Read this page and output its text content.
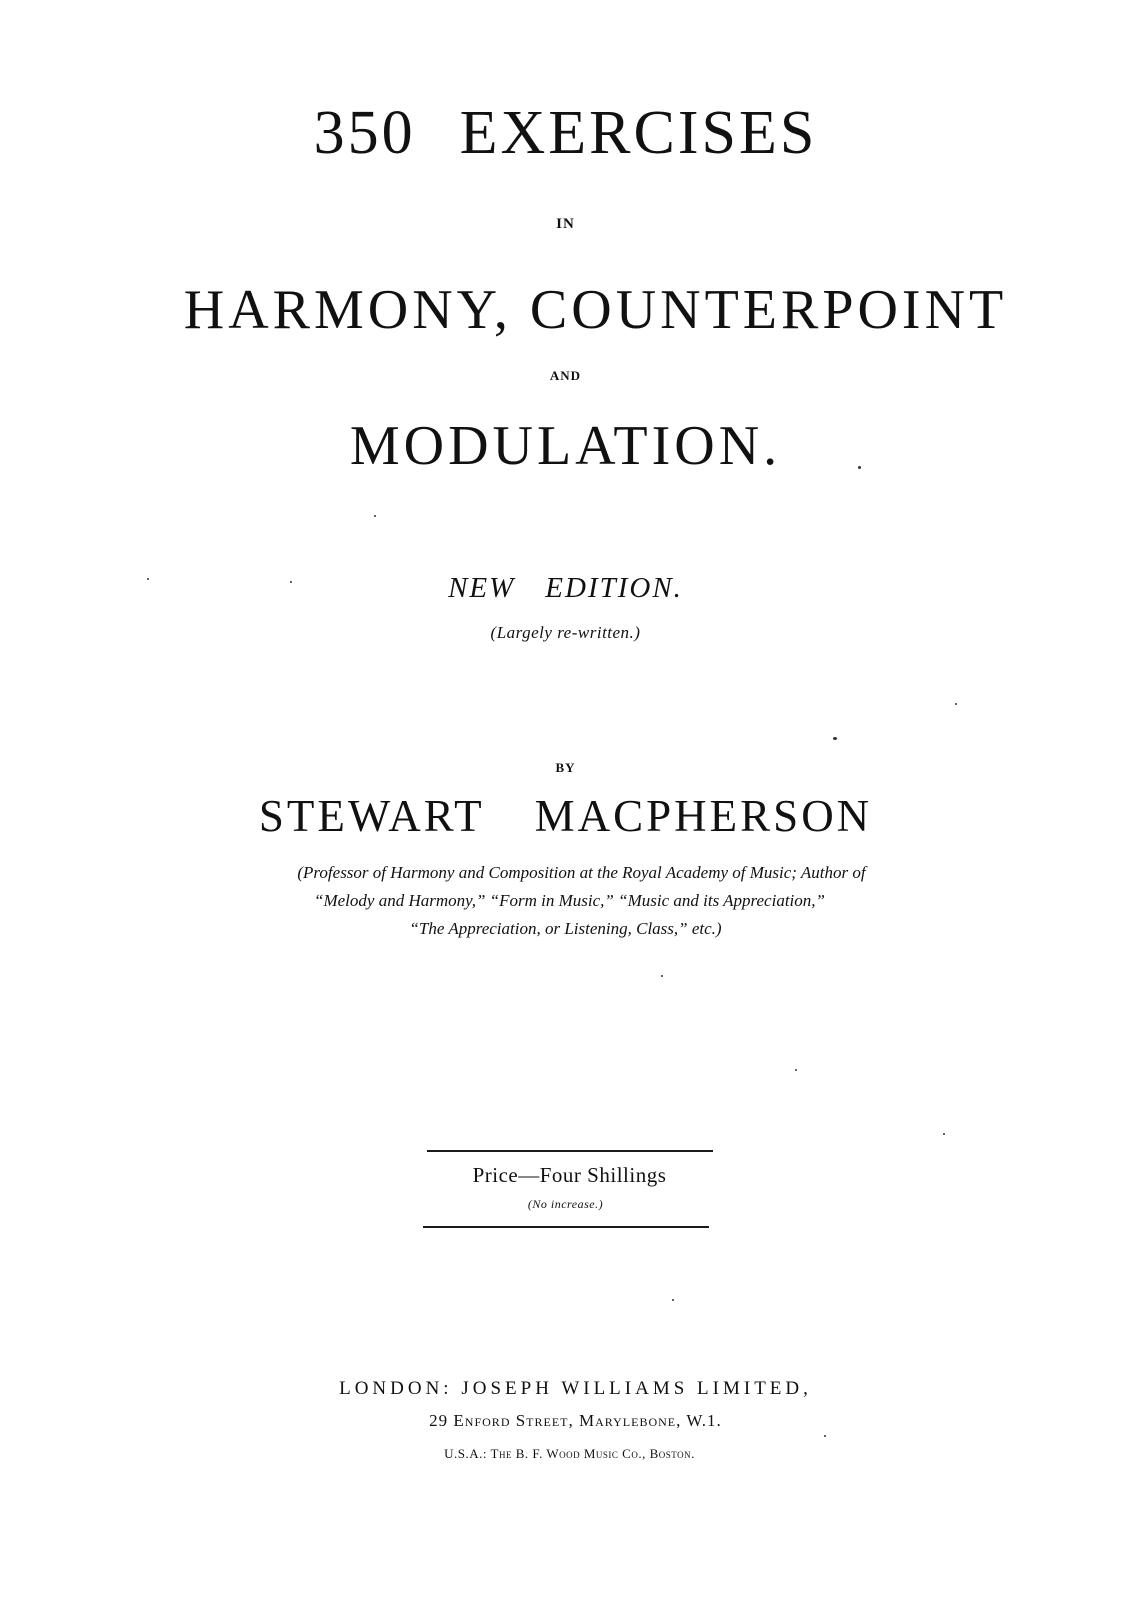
350 EXERCISES
IN
HARMONY, COUNTERPOINT
AND
MODULATION.
NEW EDITION.
(Largely re-written.)
BY
STEWART MACPHERSON
(Professor of Harmony and Composition at the Royal Academy of Music; Author of
“Melody and Harmony,” “Form in Music,” “Music and its Appreciation,”
“The Appreciation, or Listening, Class,” etc.)
Price—Four Shillings
(No increase.)
LONDON: JOSEPH WILLIAMS LIMITED,
29 Enford Street, Marylebone, W.1.
U.S.A.: The B. F. Wood Music Co., Boston.
